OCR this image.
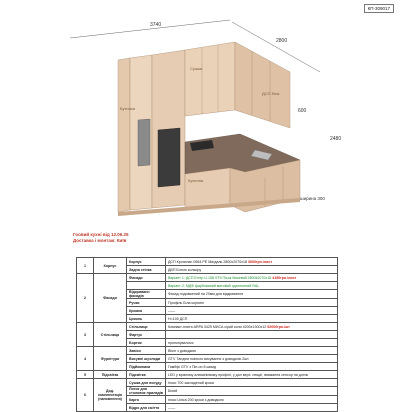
КП-309017
3740
2800
2480
600
ширина 300
Сушка
Бутилка
ДСП біла
Кухонна
Гоовий кухні від 12.06.25
Доставка і монтаж: Київ
1	Корпус	Корпус	ДСП Кронспан 0564 РЕ Мигдаль 2800х2070х18 3000грн./лист
		Задня стінка	ДВП Білого кольору
2	Фасади	Фасади	Варіант 1: ДСП Еггер U 156 ST9 Пісок бежевий 2800х2070х18 4150грн./лист
			Варіант 2: МДФ фарбований матовий однотонний RAL
		Відкриванн фасадів	Фасад подовжений на 20мм для відкривання
		Ручки	Профіль Біла корнипі
		Кромка	——
		Цоколь	Н=100 ДСП
3	Стільниця	Стільниця	Компакт-плита ARPA 3425 МИСА сірий коли 4200х1300х12 92000грн./шт
		Фартук	
		Бортик	пропонувалося
4	Фурнітура	Завіси	Blum з доводкою
		Висувні шухляди	GTV Тандем повного висування з доводкою 2шт.
		Підйомники	Гамбфі GTV з Піп-он 8 шимд
5	Підсвітка	Підсвітка	LED у врізному алюмінієвому профілі, у дол верх. нещиї, вмикання сенсор на дотик
6	Дод. комплектація (наповнення)	Сушка для посуду	Інокс 700 закладений кроки
		Лоток для столових приладів	Білий
		Карго	Інокс Unica 200 кроки з доводкою
		Відро для сміття	——
